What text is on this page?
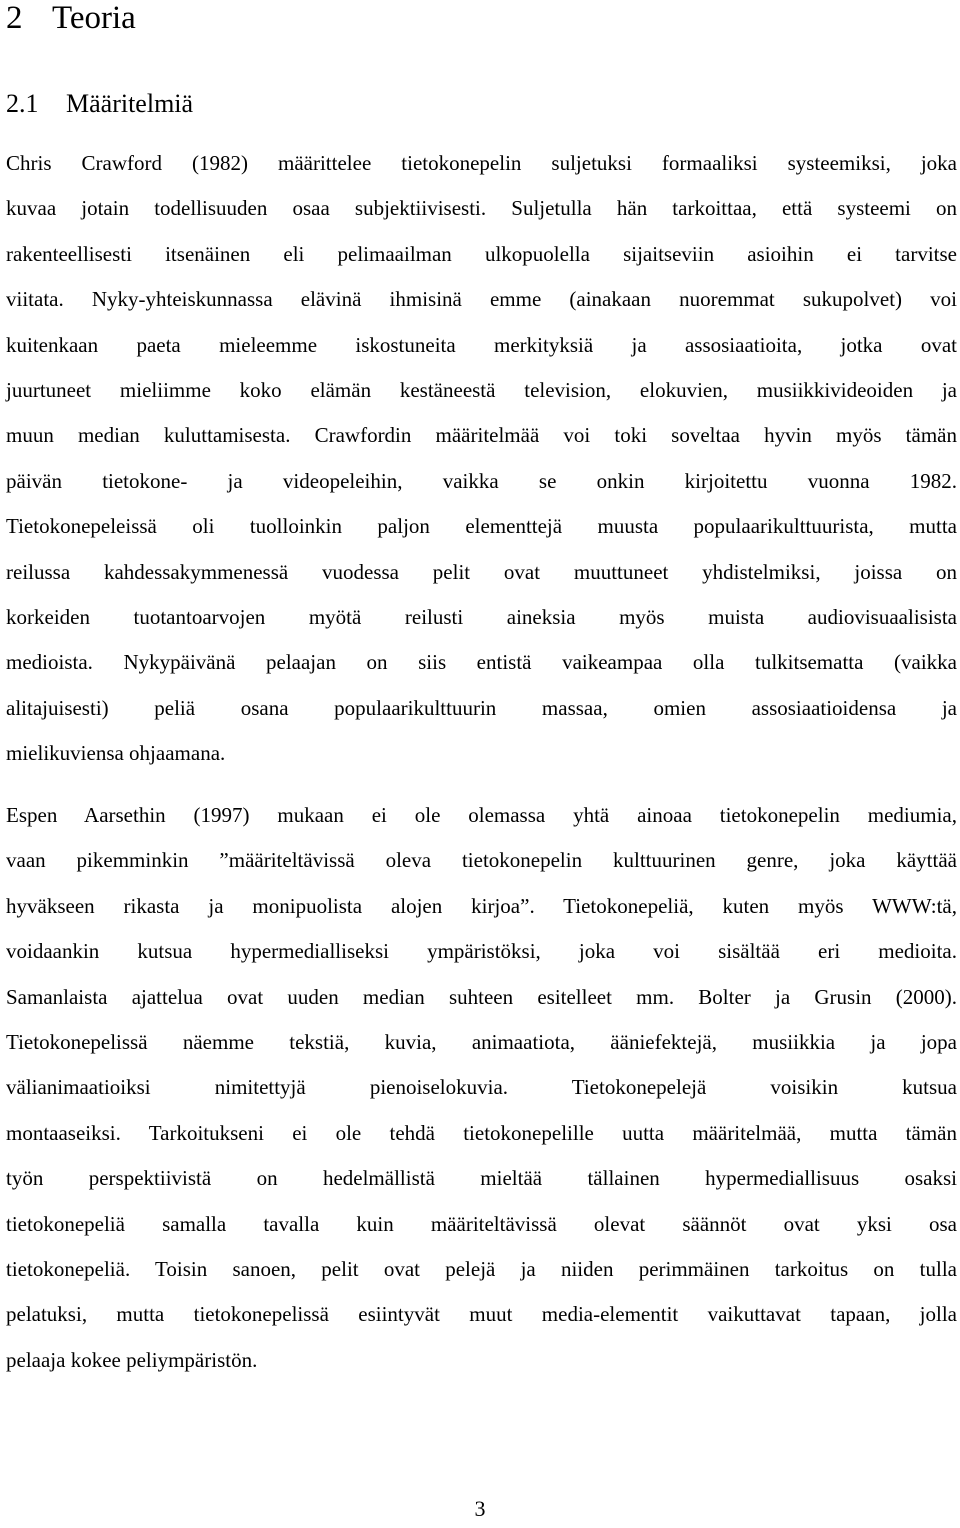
2 Teoria
2.1 Määritelmiä

Chris Crawford (1982) määrittelee tietokonepelin suljetuksi formaaliksi systeemiksi, joka
kuvaa jotain todellisuuden osaa subjektiivisesti. Suljetulla hän tarkoittaa, että systeemi on
rakenteellisesti itsenäinen eli pelimaailman ulkopuolella sijaitseviin asioihin ei tarvitse
viitata. Nyky-yhteiskunnassa elävinä ihmisinä emme (ainakaan nuoremmat sukupolvet) voi
kuitenkaan paeta mieleemme iskostuneita merkityksiä ja assosiaatioita, jotka ovat
juurtuneet mieliimme koko elämän kestäneestä television, elokuvien, musiikkivideoiden ja
muun median kuluttamisesta. Crawfordin määritelmää voi toki soveltaa hyvin myös tämän
päivän tietokone- ja videopeleihin, vaikka se onkin kirjoitettu vuonna 1982.
Tietokonepeleissä oli tuolloinkin paljon elementtejä muusta populaarikulttuurista, mutta
reilussa kahdessakymmenessä vuodessa pelit ovat muuttuneet yhdistelmiksi, joissa on
korkeiden tuotantoarvojen myötä reilusti aineksia myös muista audiovisuaalisista
medioista. Nykypäivänä pelaajan on siis entistä vaikeampaa olla tulkitsematta (vaikka
alitajuisesti) peliä osana populaarikulttuurin massaa, omien assosiaatioidensa ja
mielikuviensa ohjaamana.

Espen Aarsethin (1997) mukaan ei ole olemassa yhtä ainoaa tietokonepelin mediumia,
vaan pikemminkin ”määriteltävissä oleva tietokonepelin kulttuurinen genre, joka käyttää
hyväkseen rikasta ja monipuolista alojen kirjoa”. Tietokonepeliä, kuten myös WWW:tä,
voidaankin kutsua hypermedialliseksi ympäristöksi, joka voi sisältää eri medioita.
Samanlaista ajattelua ovat uuden median suhteen esitelleet mm. Bolter ja Grusin (2000).
Tietokonepelissä näemme tekstiä, kuvia, animaatiota, ääniefektejä, musiikkia ja jopa
välianimaatioiksi nimitettyjä pienoiselokuvia. Tietokonepelejä voisikin kutsua
montaaseiksi. Tarkoitukseni ei ole tehdä tietokonepelille uutta määritelmää, mutta tämän
työn perspektiivistä on hedelmällistä mieltää tällainen hypermediallisuus osaksi
tietokonepeliä samalla tavalla kuin määriteltävissä olevat säännöt ovat yksi osa
tietokonepeliä. Toisin sanoen, pelit ovat pelejä ja niiden perimmäinen tarkoitus on tulla
pelatuksi, mutta tietokonepelissä esiintyvät muut media-elementit vaikuttavat tapaan, jolla
pelaaja kokee peliympäristön.

3
